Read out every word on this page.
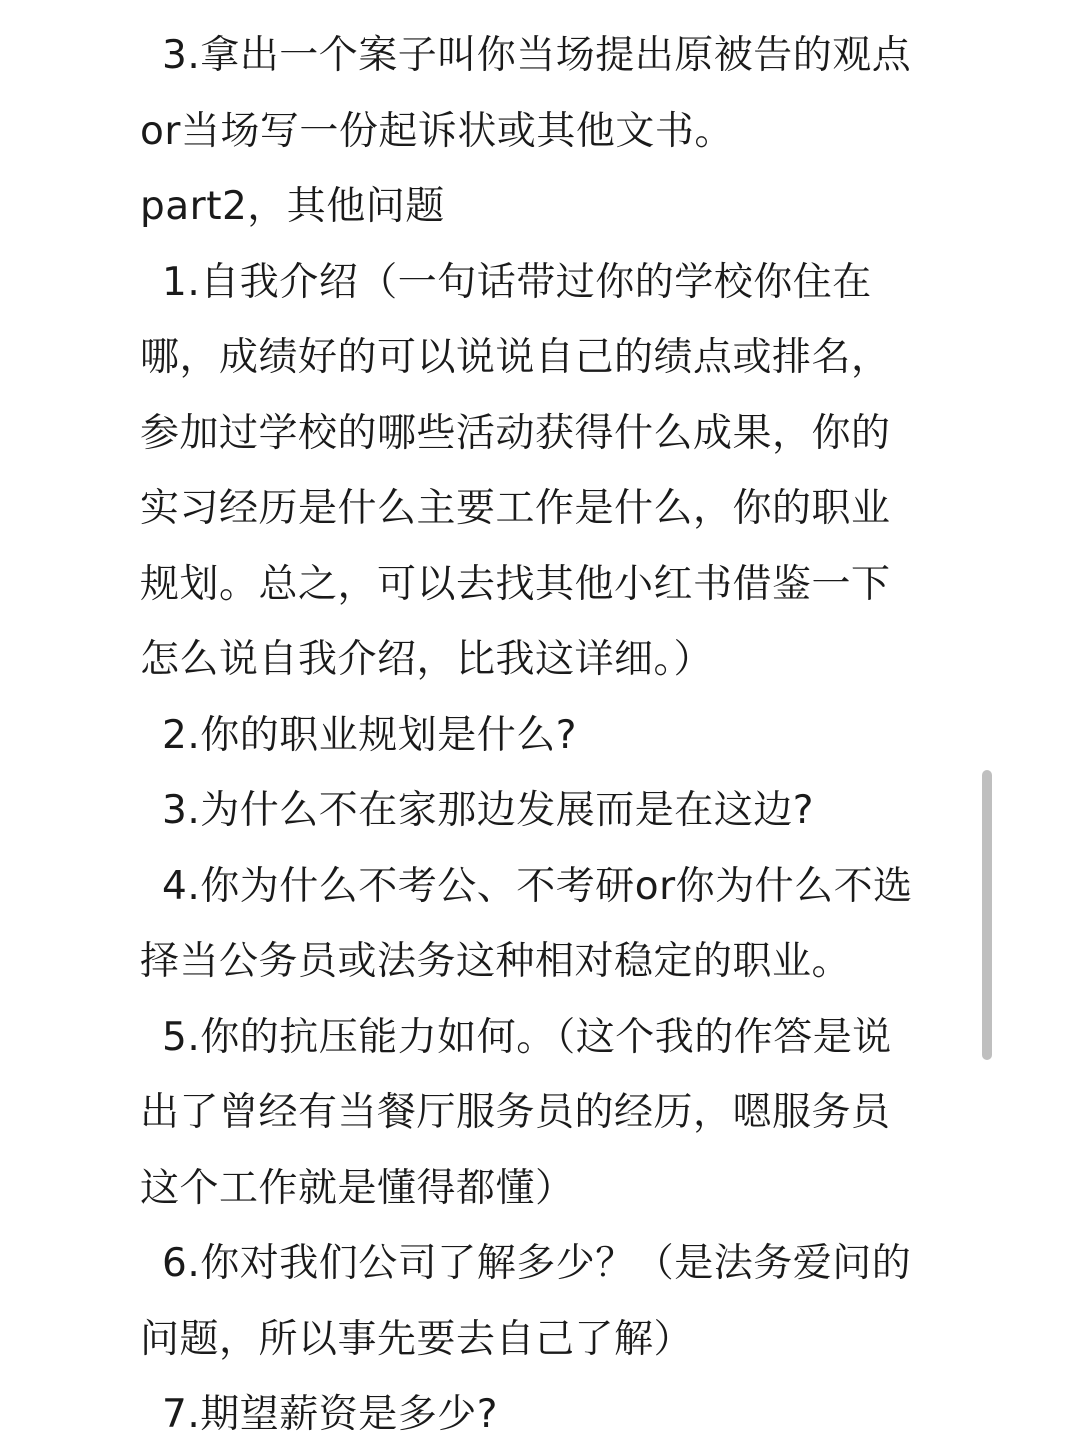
3.拿出一个案子叫你当场提出原被告的观点
or当场写一份起诉状或其他文书。
part2，其他问题
1.自我介绍（一句话带过你的学校你住在
哪，成绩好的可以说说自己的绩点或排名，
参加过学校的哪些活动获得什么成果，你的
实习经历是什么主要工作是什么，你的职业
规划。总之，可以去找其他小红书借鉴一下
怎么说自我介绍，比我这详细。）
2.你的职业规划是什么?
3.为什么不在家那边发展而是在这边?
4.你为什么不考公、不考研or你为什么不选
择当公务员或法务这种相对稳定的职业。
5.你的抗压能力如何。（这个我的作答是说
出了曾经有当餐厅服务员的经历，嗯服务员
这个工作就是懂得都懂）
6.你对我们公司了解多少？（是法务爱问的
问题，所以事先要去自己了解）
7.期望薪资是多少?
